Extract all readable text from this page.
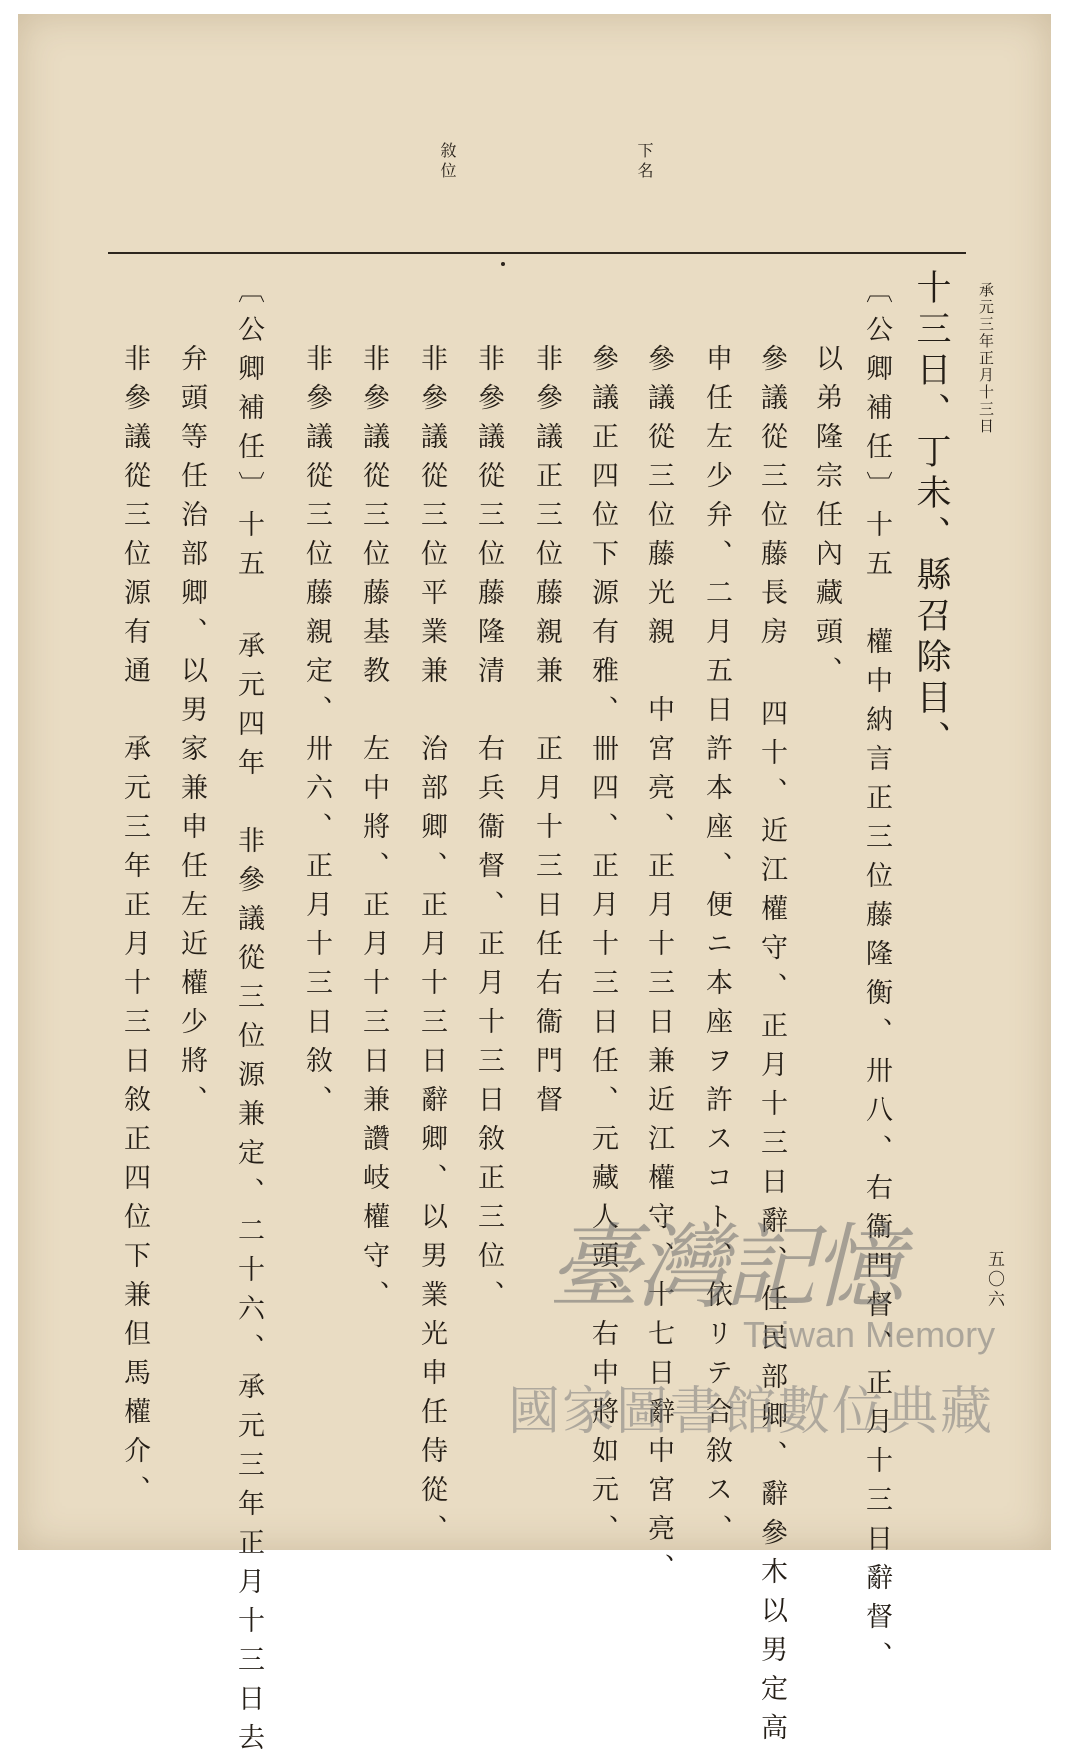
下名
敘位
承元三年正月十三日
十三日、丁未、縣召除目、
〔公卿補任〕十五　權中納言正三位藤隆衡、卅八、右衞門督、正月十三日辭督、
以弟隆宗任內藏頭、
參議從三位藤長房 四十、近江權守、正月十三日辭、任民部卿、辭參木以男定高
申任左少弁、二月五日許本座、便ニ本座ヲ許スコト、依リテ合敘ス、
參議從三位藤光親　中宮亮、正月十三日兼近江權守、十七日辭中宮亮、
參議正四位下源有雅、卌四、正月十三日任、元藏人頭、右中將如元、
非參議正三位藤親兼　正月十三日任右衞門督
非參議從三位藤隆清　右兵衞督、正月十三日敘正三位、
非參議從三位平業兼　治部卿、正月十三日辭卿、以男業光申任侍從、
非參議從三位藤基教　左中將、正月十三日兼讚岐權守、
非參議從三位藤親定、卅六、正月十三日敘、
〔公卿補任〕十五 承元四年　非參議從三位源兼定、二十六、承元三年正月十三日去
弁頭等任治部卿、以男家兼申任左近權少將、
非參議從三位源有通　承元三年正月十三日敘正四位下兼但馬權介、	五〇六
臺灣記憶
Taiwan Memory
國家圖書館數位典藏
